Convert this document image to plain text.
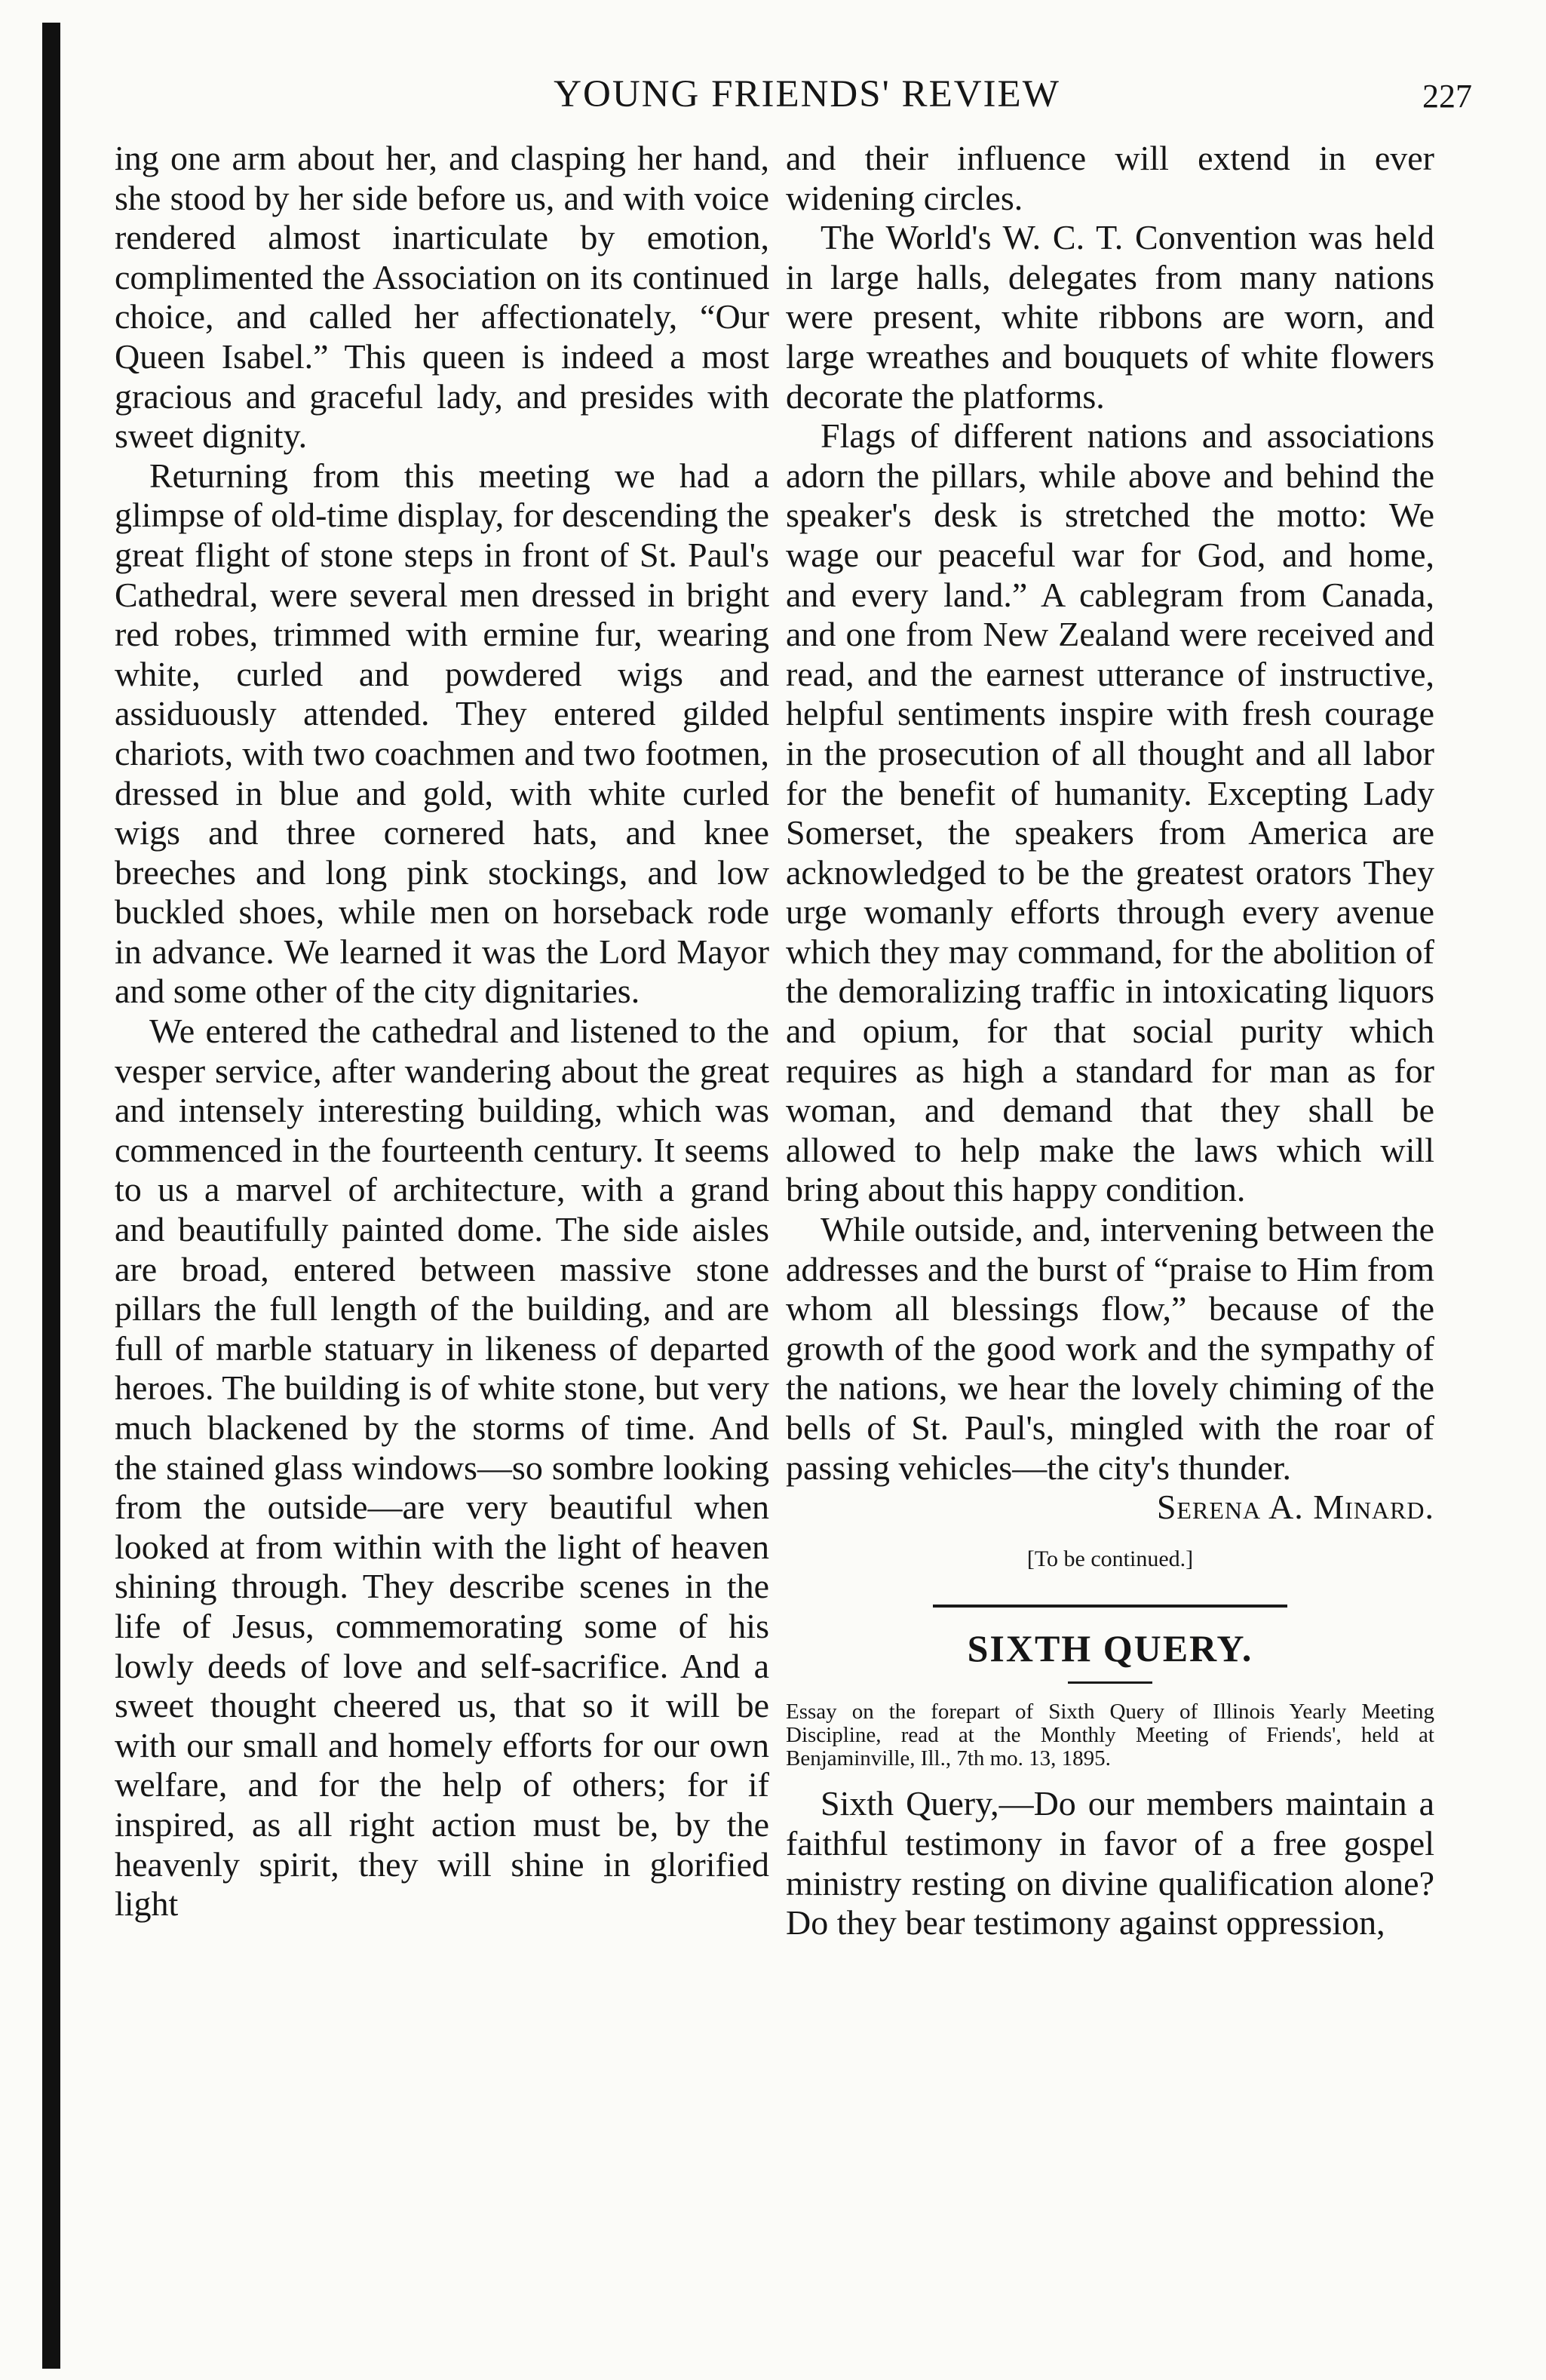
YOUNG FRIENDS' REVIEW	227

ing one arm about her, and clasping her hand, she stood by her side before us, and with voice rendered almost inarticulate by emotion, complimented the Association on its continued choice, and called her affectionately, “Our Queen Isabel.” This queen is indeed a most gracious and graceful lady, and presides with sweet dignity.

Returning from this meeting we had a glimpse of old-time display, for descending the great flight of stone steps in front of St. Paul's Cathedral, were several men dressed in bright red robes, trimmed with ermine fur, wearing white, curled and powdered wigs and assiduously attended. They entered gilded chariots, with two coachmen and two footmen, dressed in blue and gold, with white curled wigs and three cornered hats, and knee breeches and long pink stockings, and low buckled shoes, while men on horseback rode in advance. We learned it was the Lord Mayor and some other of the city dignitaries.

We entered the cathedral and listened to the vesper service, after wandering about the great and intensely interesting building, which was commenced in the fourteenth century. It seems to us a marvel of architecture, with a grand and beautifully painted dome. The side aisles are broad, entered between massive stone pillars the full length of the building, and are full of marble statuary in likeness of departed heroes. The building is of white stone, but very much blackened by the storms of time. And the stained glass windows—so sombre looking from the outside—are very beautiful when looked at from within with the light of heaven shining through. They describe scenes in the life of Jesus, commemorating some of his lowly deeds of love and self-sacrifice. And a sweet thought cheered us, that so it will be with our small and homely efforts for our own welfare, and for the help of others; for if inspired, as all right action must be, by the heavenly spirit, they will shine in glorified light

and their influence will extend in ever widening circles.

The World's W. C. T. Convention was held in large halls, delegates from many nations were present, white ribbons are worn, and large wreathes and bouquets of white flowers decorate the platforms.

Flags of different nations and associations adorn the pillars, while above and behind the speaker's desk is stretched the motto: We wage our peaceful war for God, and home, and every land.” A cablegram from Canada, and one from New Zealand were received and read, and the earnest utterance of instructive, helpful sentiments inspire with fresh courage in the prosecution of all thought and all labor for the benefit of humanity. Excepting Lady Somerset, the speakers from America are acknowledged to be the greatest orators They urge womanly efforts through every avenue which they may command, for the abolition of the demoralizing traffic in intoxicating liquors and opium, for that social purity which requires as high a standard for man as for woman, and demand that they shall be allowed to help make the laws which will bring about this happy condition.

While outside, and, intervening between the addresses and the burst of “praise to Him from whom all blessings flow,” because of the growth of the good work and the sympathy of the nations, we hear the lovely chiming of the bells of St. Paul's, mingled with the roar of passing vehicles—the city's thunder.

Serena A. Minard.

[To be continued.]
SIXTH QUERY.
Essay on the forepart of Sixth Query of Illinois Yearly Meeting Discipline, read at the Monthly Meeting of Friends', held at Benjaminville, Ill., 7th mo. 13, 1895.

Sixth Query,—Do our members maintain a faithful testimony in favor of a free gospel ministry resting on divine qualification alone? Do they bear testimony against oppression,
